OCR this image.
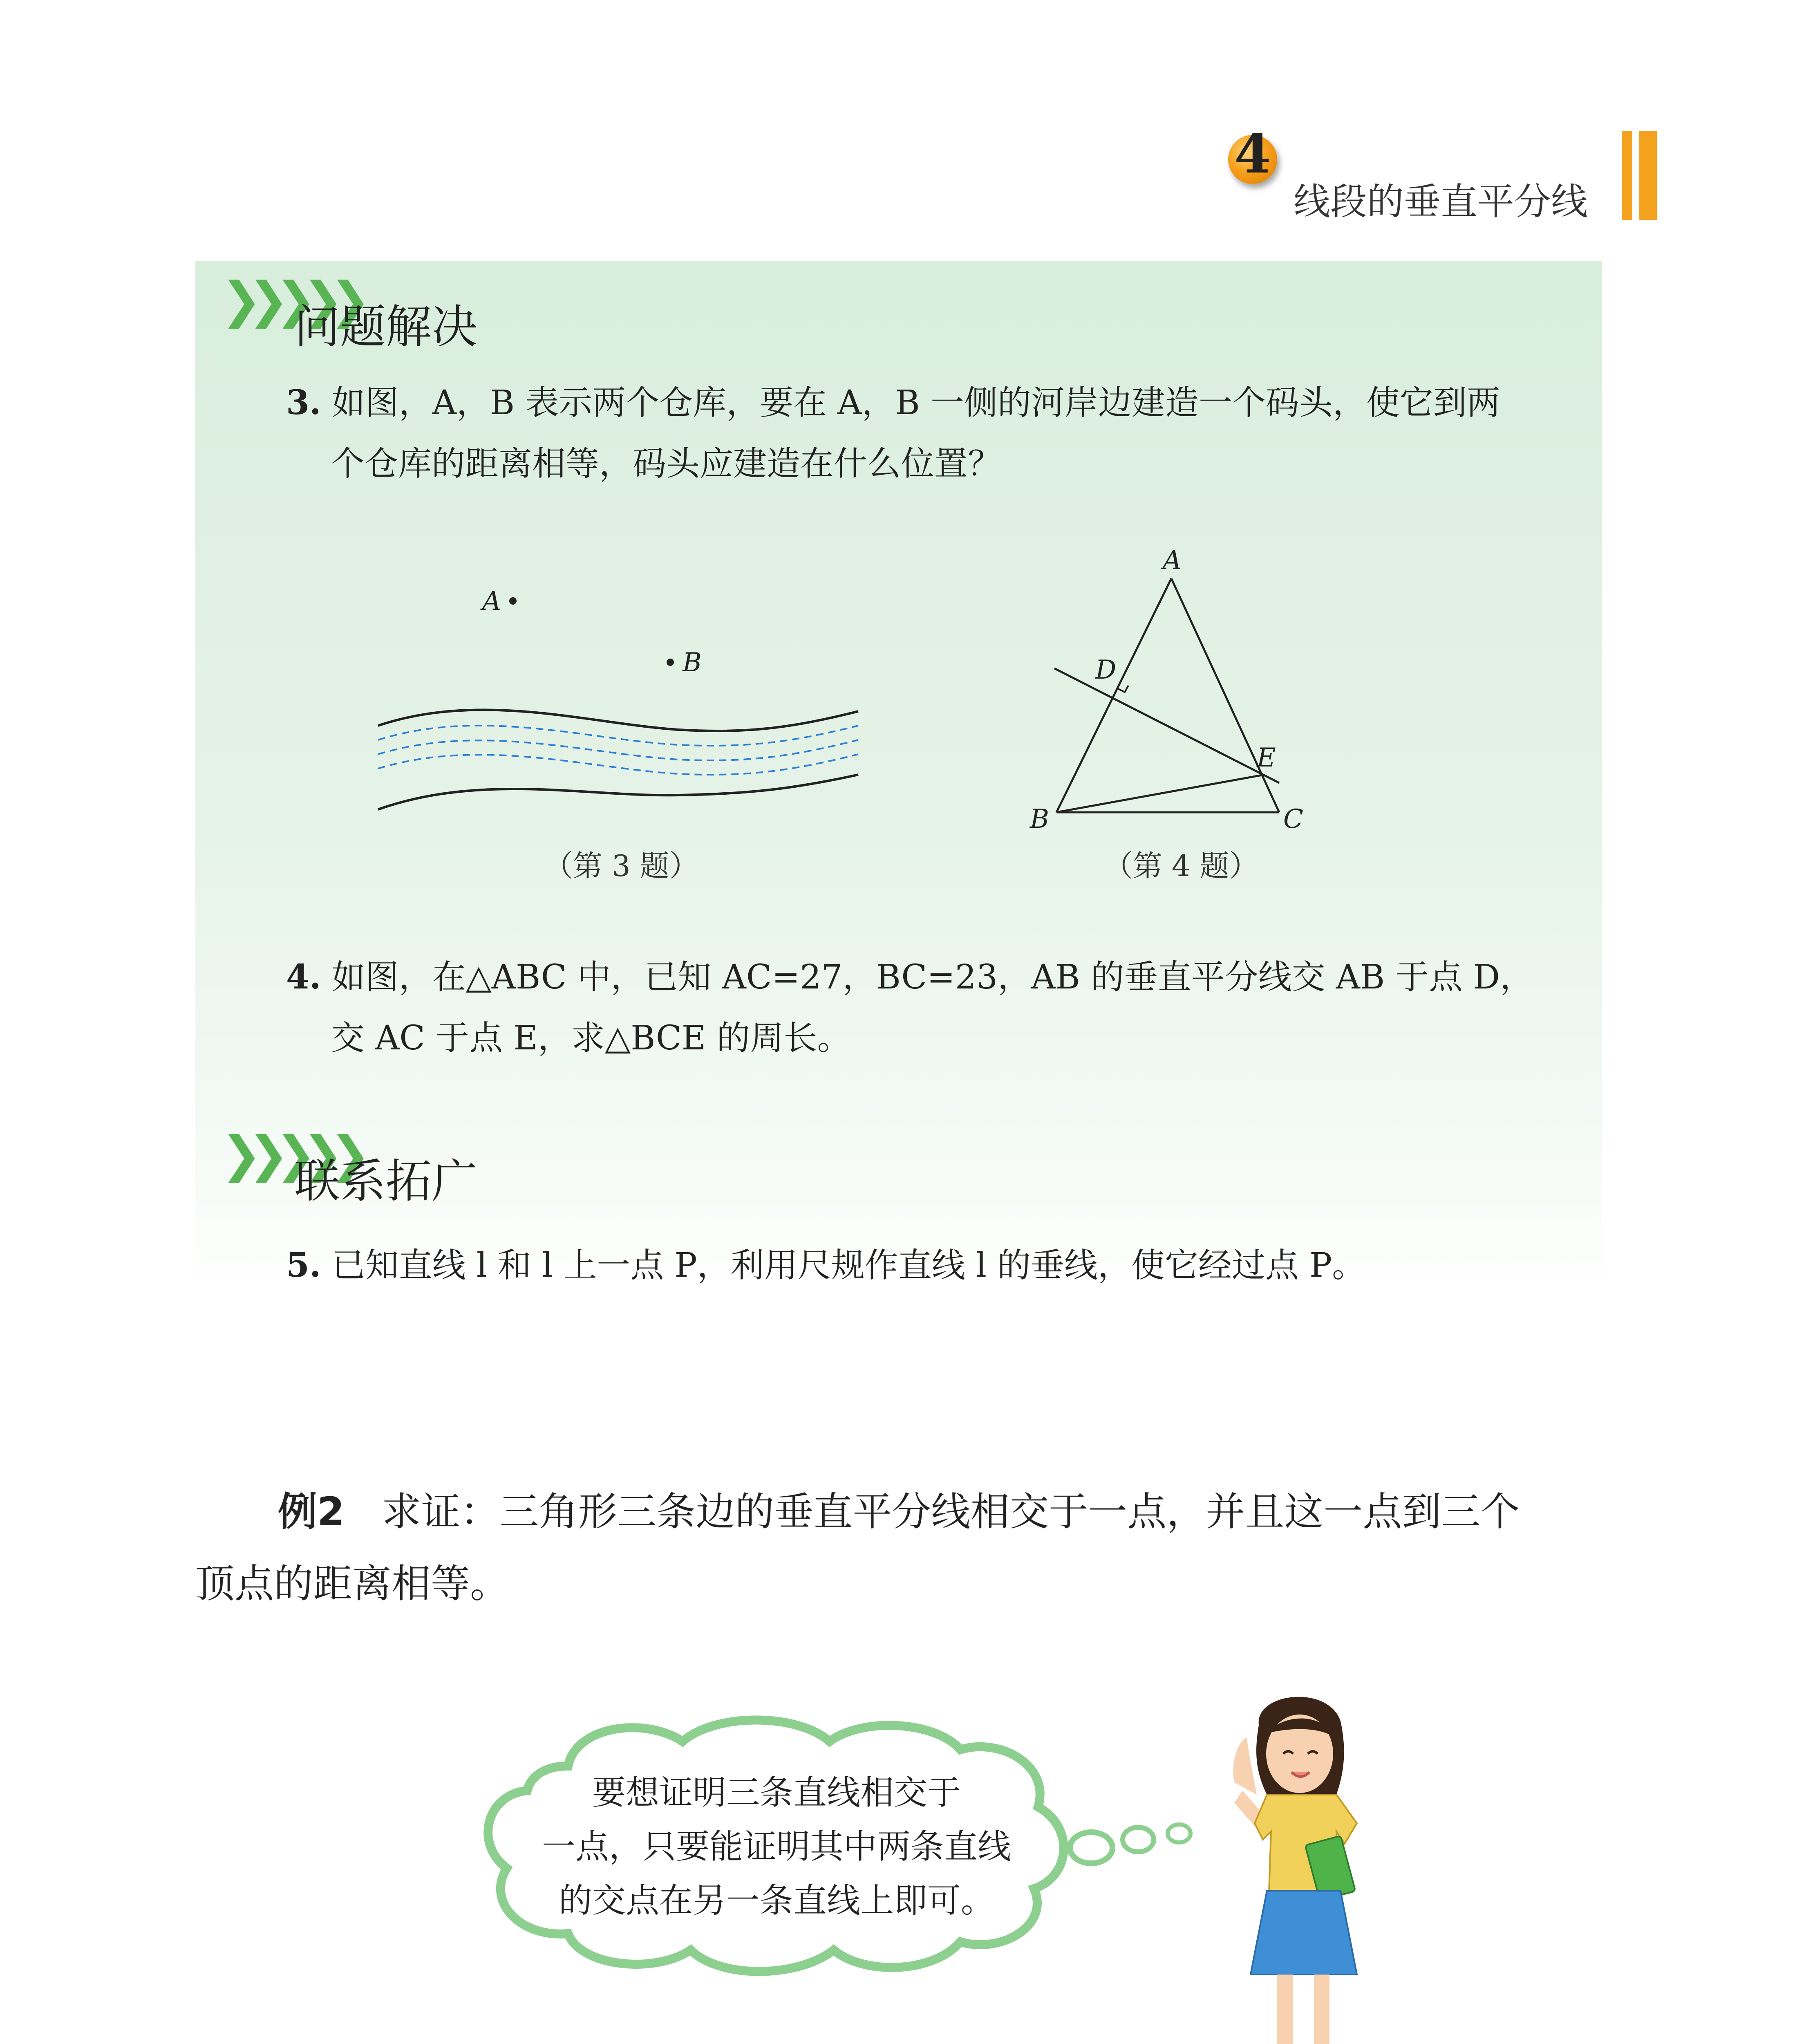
4
线段的垂直平分线
❯❯❯❯❯
问题解决
3. 如图，A，B 表示两个仓库，要在 A，B 一侧的河岸边建造一个码头，使它到两
个仓库的距离相等，码头应建造在什么位置？
A
B
（第 3 题）
A
D
E
B	C
（第 4 题）
4. 如图，在△ABC 中，已知 AC=27，BC=23，AB 的垂直平分线交 AB 于点 D，
交 AC 于点 E，求△BCE 的周长。
❯❯❯❯❯
联系拓广
5. 已知直线 l 和 l 上一点 P，利用尺规作直线 l 的垂线，使它经过点 P。
例2 求证：三角形三条边的垂直平分线相交于一点，并且这一点到三个
顶点的距离相等。
要想证明三条直线相交于
一点，只要能证明其中两条直线
的交点在另一条直线上即可。
